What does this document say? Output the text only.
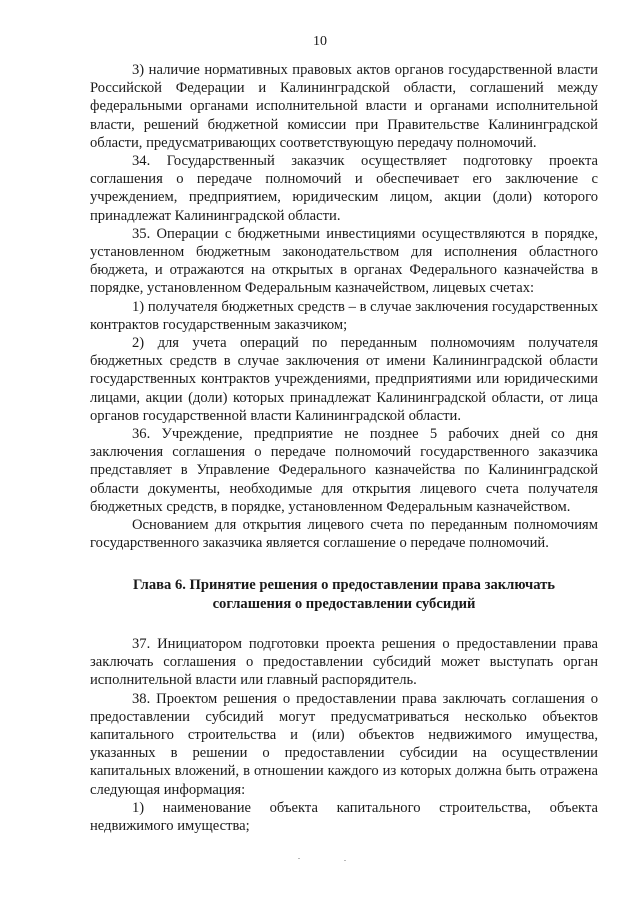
10

3) наличие нормативных правовых актов органов государственной власти Российской Федерации и Калининградской области, соглашений между федеральными органами исполнительной власти и органами исполнительной власти, решений бюджетной комиссии при Правительстве Калининградской области, предусматривающих соответствующую передачу полномочий.

34. Государственный заказчик осуществляет подготовку проекта соглашения о передаче полномочий и обеспечивает его заключение с учреждением, предприятием, юридическим лицом, акции (доли) которого принадлежат Калининградской области.

35. Операции с бюджетными инвестициями осуществляются в порядке, установленном бюджетным законодательством для исполнения областного бюджета, и отражаются на открытых в органах Федерального казначейства в порядке, установленном Федеральным казначейством, лицевых счетах:

1) получателя бюджетных средств – в случае заключения государственных контрактов государственным заказчиком;

2) для учета операций по переданным полномочиям получателя бюджетных средств в случае заключения от имени Калининградской области государственных контрактов учреждениями, предприятиями или юридическими лицами, акции (доли) которых принадлежат Калининградской области, от лица органов государственной власти Калининградской области.

36. Учреждение, предприятие не позднее 5 рабочих дней со дня заключения соглашения о передаче полномочий государственного заказчика представляет в Управление Федерального казначейства по Калининградской области документы, необходимые для открытия лицевого счета получателя бюджетных средств, в порядке, установленном Федеральным казначейством.

Основанием для открытия лицевого счета по переданным полномочиям государственного заказчика является соглашение о передаче полномочий.

Глава 6. Принятие решения о предоставлении права заключать
соглашения о предоставлении субсидий

37. Инициатором подготовки проекта решения о предоставлении права заключать соглашения о предоставлении субсидий может выступать орган исполнительной власти или главный распорядитель.

38. Проектом решения о предоставлении права заключать соглашения о предоставлении субсидий могут предусматриваться несколько объектов капитального строительства и (или) объектов недвижимого имущества, указанных в решении о предоставлении субсидии на осуществлении капитальных вложений, в отношении каждого из которых должна быть отражена следующая информация:

1) наименование объекта капитального строительства, объекта недвижимого имущества;
